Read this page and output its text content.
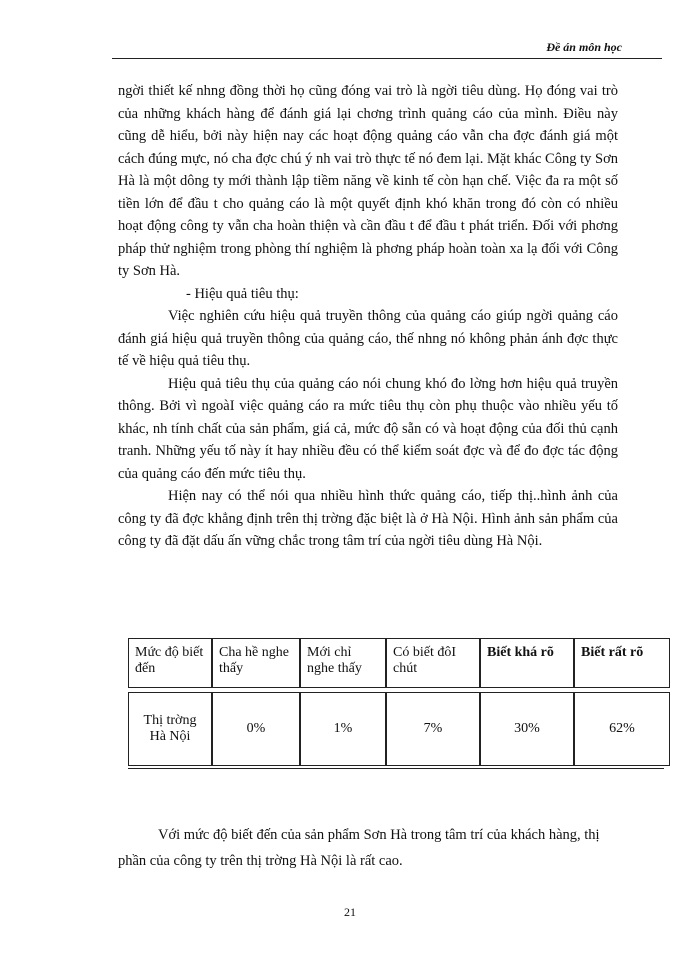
Đề án môn học

ngời thiết kế nhng đồng thời họ cũng đóng vai trò là ngời tiêu dùng. Họ đóng vai trò của những khách hàng để đánh giá lại chơng trình quảng cáo của mình. Điều này cũng dễ hiểu, bởi này hiện nay các hoạt động quảng cáo vẫn cha đợc đánh giá một cách đúng mực, nó cha đợc chú ý nh vai trò thực tế nó đem lại. Mặt khác Công ty Sơn Hà là một dông ty mới thành lập tiềm năng về kinh tế còn hạn chế. Việc đa ra một số tiền lớn để đầu t cho quảng cáo là một quyết định khó khăn trong đó còn có nhiều hoạt động công ty vẫn cha hoàn thiện và cần đầu t để đầu t phát triển. Đối với phơng pháp thử nghiệm trong phòng thí nghiệm là phơng pháp hoàn toàn xa lạ đối với Công ty Sơn Hà.

- Hiệu quả tiêu thụ:

Việc nghiên cứu hiệu quả truyền thông của quảng cáo giúp ngời quảng cáo đánh giá hiệu quả truyền thông của quảng cáo, thế nhng nó không phản ánh đợc thực tế về hiệu quả tiêu thụ.

Hiệu quả tiêu thụ của quảng cáo nói chung khó đo lờng hơn hiệu quả truyền thông. Bởi vì ngoàI việc quảng cáo ra mức tiêu thụ còn phụ thuộc vào nhiều yếu tố khác, nh tính chất của sản phẩm, giá cả, mức độ sẵn có và hoạt động của đối thủ cạnh tranh. Những yếu tố này ít hay nhiều đều có thể kiểm soát đợc và để đo đợc tác động của quảng cáo đến mức tiêu thụ.

Hiện nay có thể nói qua nhiều hình thức quảng cáo, tiếp thị..hình ảnh của công ty đã đợc khẳng định trên thị trờng đặc biệt là ở Hà Nội. Hình ảnh sản phẩm của công ty đã đặt dấu ấn vững chắc trong tâm trí của ngời tiêu dùng Hà Nội.

Mức độ biết đến	Cha hề nghe thấy	Mới chỉ nghe thấy	Có biết đôI chút	Biết khá rõ	Biết rất rõ

Thị trờng Hà Nội	0%	1%	7%	30%	62%

Với mức độ biết đến của sản phẩm Sơn Hà trong tâm trí của khách hàng, thị phần của công ty trên thị trờng Hà Nội là rất cao.

21
